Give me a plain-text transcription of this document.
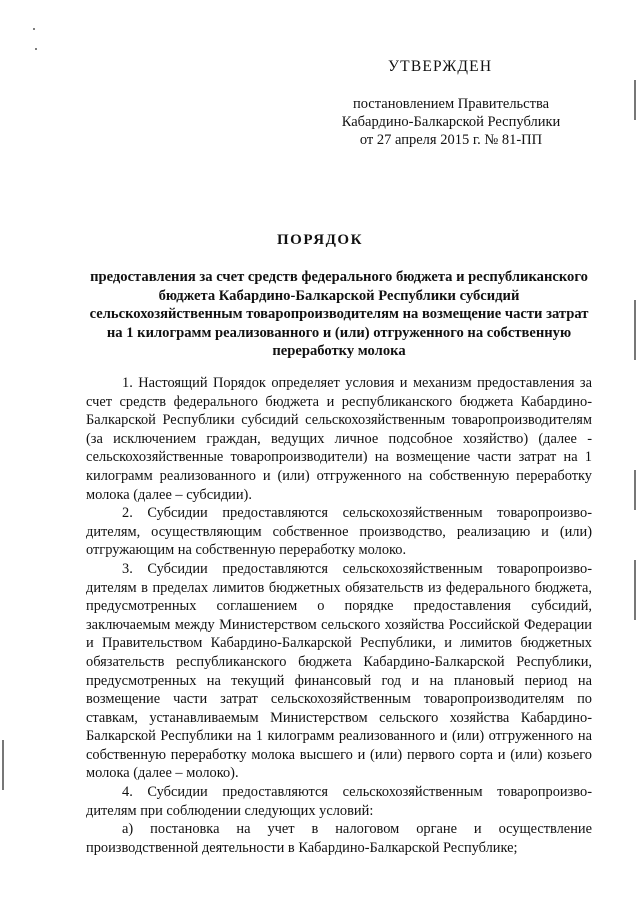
УТВЕРЖДЕН
постановлением Правительства
Кабардино-Балкарской Республики
от 27 апреля 2015 г. № 81-ПП
ПОРЯДОК
предоставления за счет средств федерального бюджета и республиканского бюджета Кабардино-Балкарской Республики субсидий сельскохозяйственным товаропроизводителям на возмещение части затрат на 1 килограмм реализованного и (или) отгруженного на собственную переработку молока

1. Настоящий Порядок определяет условия и механизм предоставления за счет средств федерального бюджета и республиканского бюджета Кабардино-Балкарской Республики субсидий сельскохозяйственным товаропроизводителям (за исключением граждан, ведущих личное подсобное хозяйство) (далее - сельскохозяйственные товаропроизводители) на возмещение части затрат на 1 килограмм реализованного и (или) отгруженного на собственную переработку молока (далее – субсидии).

2. Субсидии предоставляются сельскохозяйственным товаропроизво-дителям, осуществляющим собственное производство, реализацию и (или) отгружающим на собственную переработку молоко.

3. Субсидии предоставляются сельскохозяйственным товаропроизво-дителям в пределах лимитов бюджетных обязательств из федерального бюджета, предусмотренных соглашением о порядке предоставления субсидий, заключаемым между Министерством сельского хозяйства Российской Федерации и Правительством Кабардино-Балкарской Республики, и лимитов бюджетных обязательств республиканского бюджета Кабардино-Балкарской Республики, предусмотренных на текущий финансовый год и на плановый период на возмещение части затрат сельскохозяйственным товаропроизводителям по ставкам, устанавливаемым Министерством сельского хозяйства Кабардино-Балкарской Республики на 1 килограмм реализованного и (или) отгруженного на собственную переработку молока высшего и (или) первого сорта и (или) козьего молока (далее – молоко).

4. Субсидии предоставляются сельскохозяйственным товаропроизво-дителям при соблюдении следующих условий:

а) постановка на учет в налоговом органе и осуществление производственной деятельности в Кабардино-Балкарской Республике;
